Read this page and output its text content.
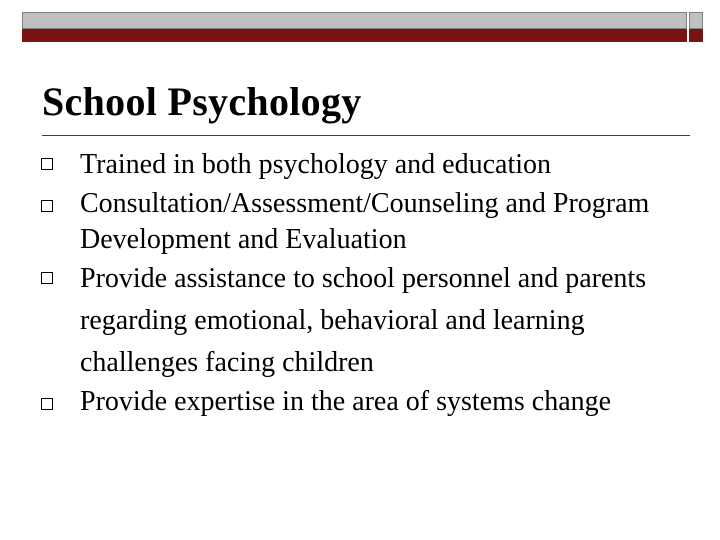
School Psychology
Trained in both psychology and education
Consultation/Assessment/Counseling and Program Development and Evaluation
Provide assistance to school personnel and parents regarding emotional, behavioral and learning challenges facing children
Provide expertise in the area of systems change
